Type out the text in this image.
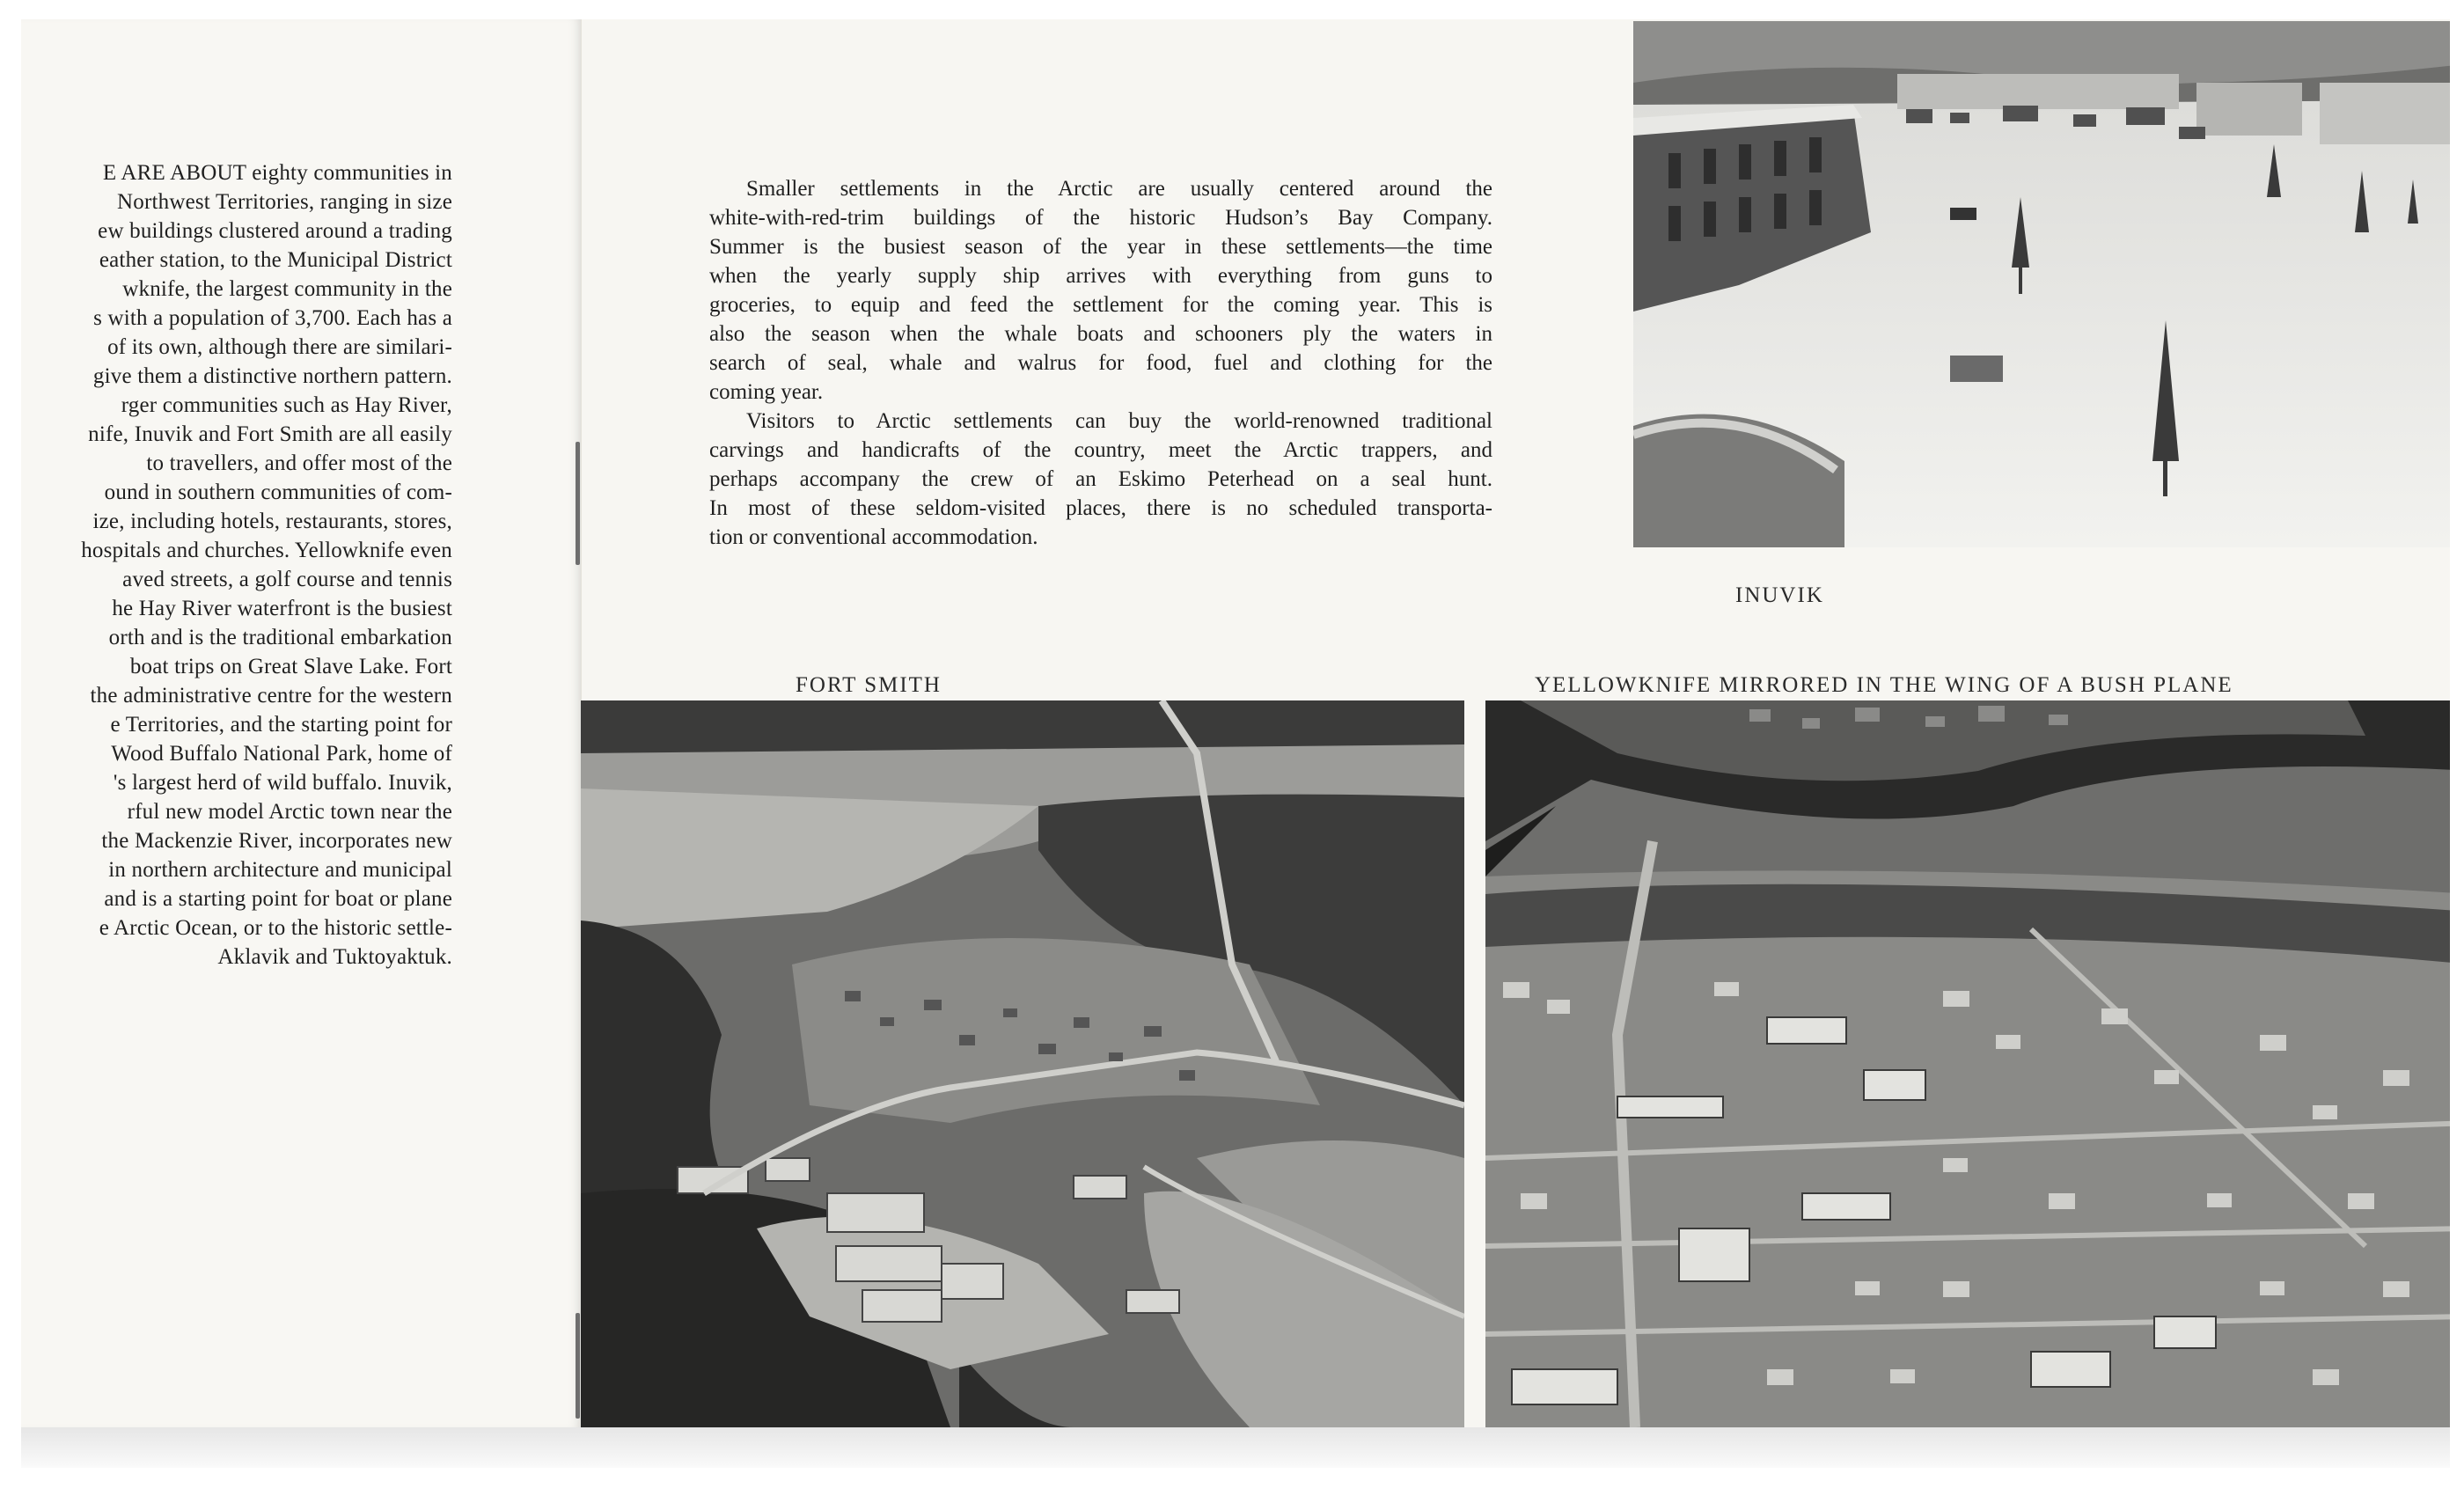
E ARE ABOUT eighty communities in
Northwest Territories, ranging in size
ew buildings clustered around a trading
eather station, to the Municipal District
wknife, the largest community in the
s with a population of 3,700. Each has a
of its own, although there are similari-
give them a distinctive northern pattern.
rger communities such as Hay River,
nife, Inuvik and Fort Smith are all easily
to travellers, and offer most of the
ound in southern communities of com-
ize, including hotels, restaurants, stores,
hospitals and churches. Yellowknife even
aved streets, a golf course and tennis
he Hay River waterfront is the busiest
orth and is the traditional embarkation
boat trips on Great Slave Lake. Fort
the administrative centre for the western
e Territories, and the starting point for
Wood Buffalo National Park, home of
's largest herd of wild buffalo. Inuvik,
rful new model Arctic town near the
the Mackenzie River, incorporates new
in northern architecture and municipal
and is a starting point for boat or plane
e Arctic Ocean, or to the historic settle-
Aklavik and Tuktoyaktuk.
Smaller settlements in the Arctic are usually centered around the
white-with-red-trim buildings of the historic Hudson’s Bay Company.
Summer is the busiest season of the year in these settlements—the time
when the yearly supply ship arrives with everything from guns to
groceries, to equip and feed the settlement for the coming year. This is
also the season when the whale boats and schooners ply the waters in
search of seal, whale and walrus for food, fuel and clothing for the
coming year.
Visitors to Arctic settlements can buy the world-renowned traditional
carvings and handicrafts of the country, meet the Arctic trappers, and
perhaps accompany the crew of an Eskimo Peterhead on a seal hunt.
In most of these seldom-visited places, there is no scheduled transporta-
tion or conventional accommodation.
INUVIK
FORT SMITH	YELLOWKNIFE MIRRORED IN THE WING OF A BUSH PLANE
